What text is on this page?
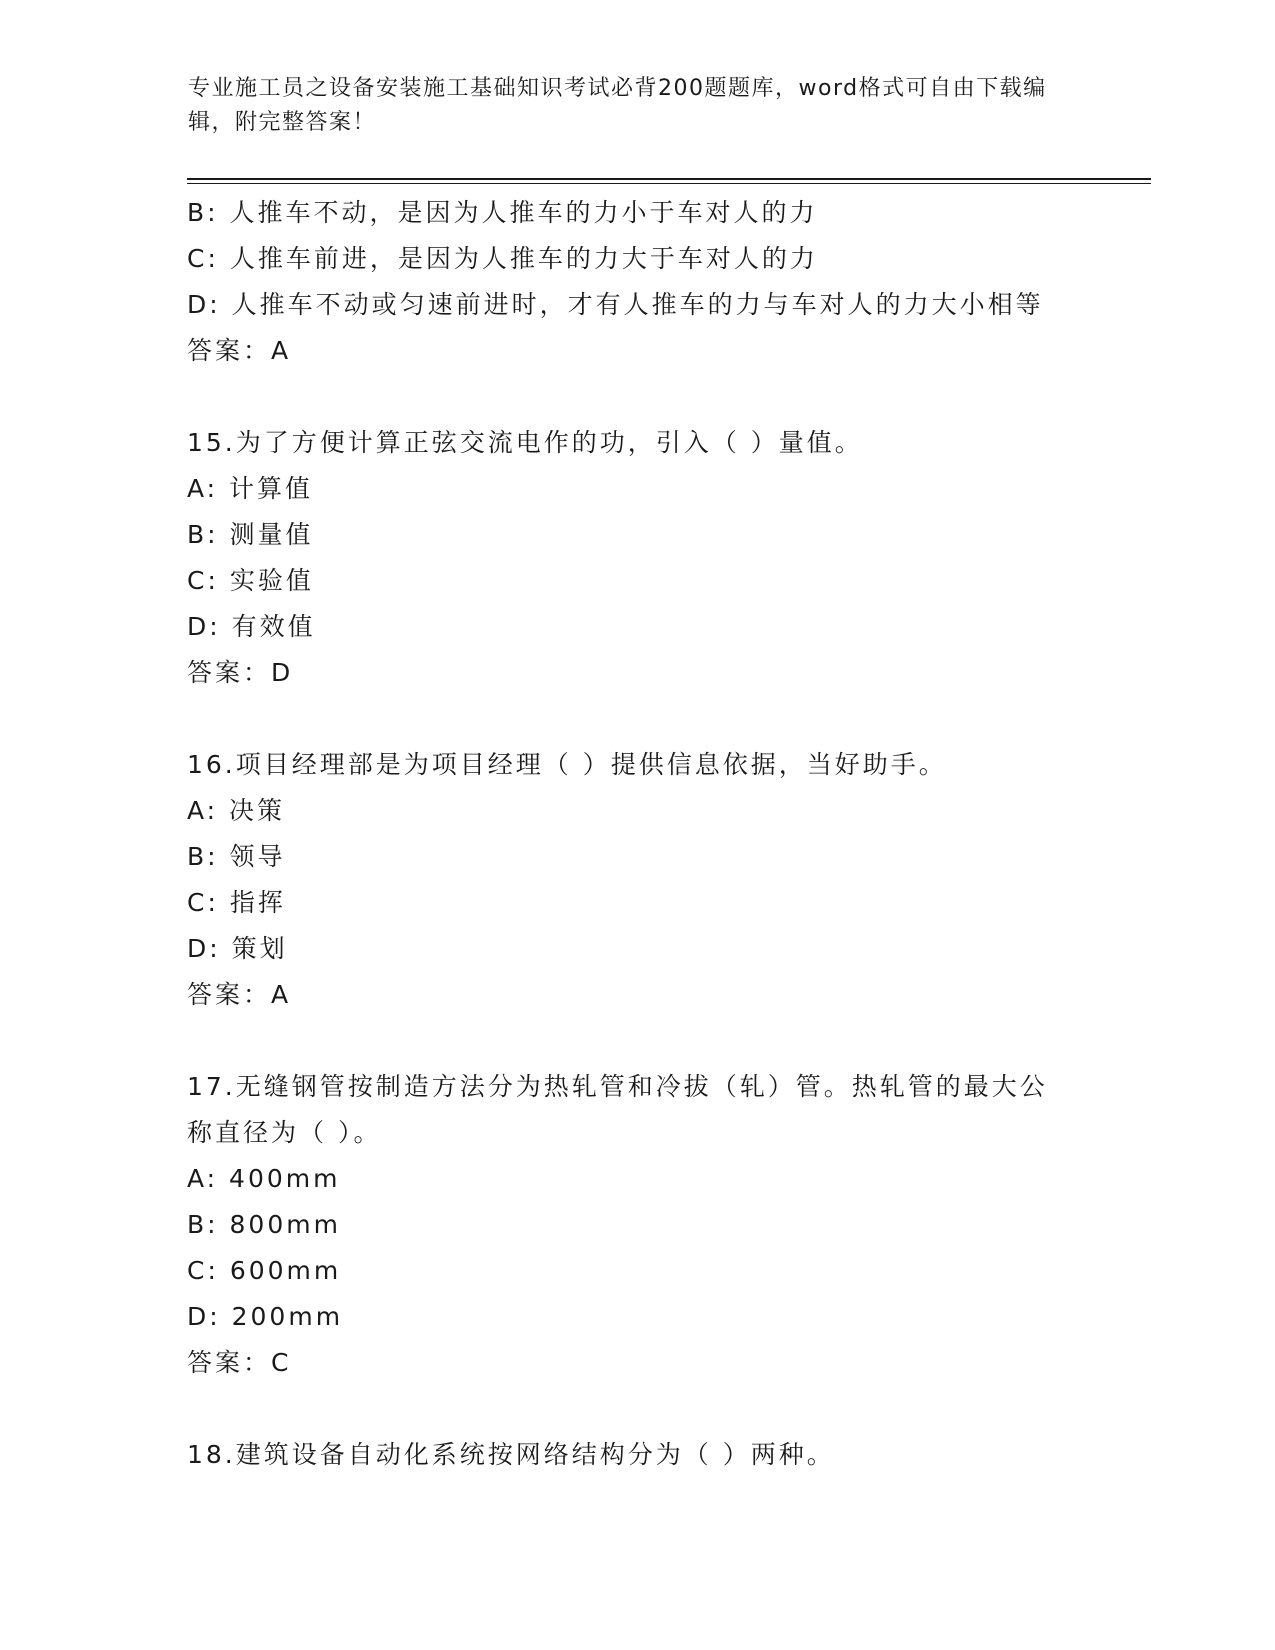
专业施工员之设备安装施工基础知识考试必背200题题库，word格式可自由下载编辑，附完整答案！
B: 人推车不动，是因为人推车的力小于车对人的力
C: 人推车前进，是因为人推车的力大于车对人的力
D: 人推车不动或匀速前进时，才有人推车的力与车对人的力大小相等
答案：A
15.为了方便计算正弦交流电作的功，引入（ ）量值。
A: 计算值
B: 测量值
C: 实验值
D: 有效值
答案：D
16.项目经理部是为项目经理（ ）提供信息依据，当好助手。
A: 决策
B: 领导
C: 指挥
D: 策划
答案：A
17.无缝钢管按制造方法分为热轧管和冷拔（轧）管。热轧管的最大公称直径为（ ）。
A: 400mm
B: 800mm
C: 600mm
D: 200mm
答案：C
18.建筑设备自动化系统按网络结构分为（ ）两种。
